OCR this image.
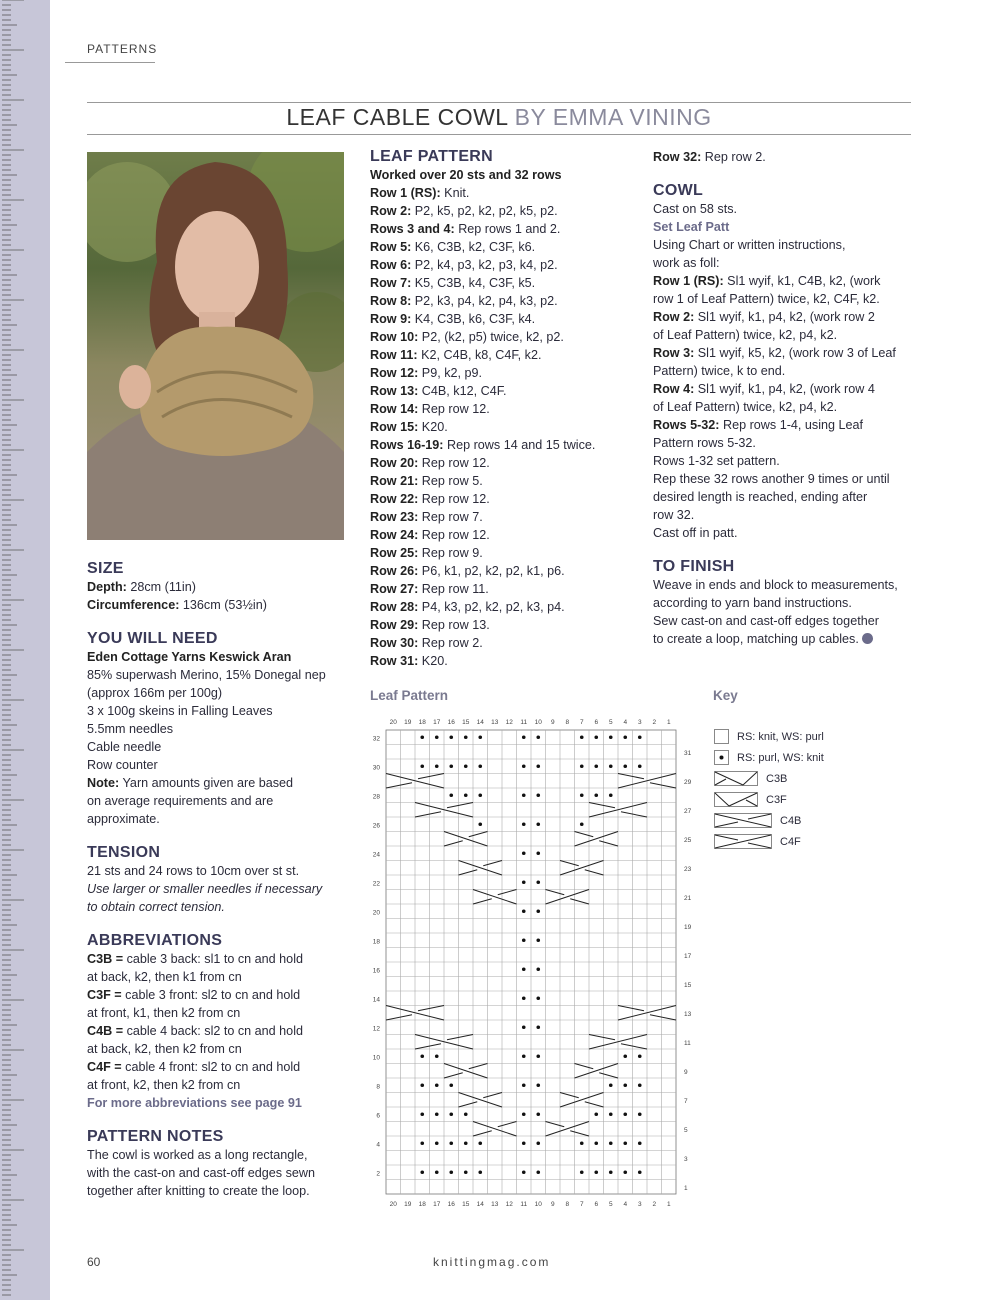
PATTERNS
LEAF CABLE COWL BY EMMA VINING

SIZE

Depth: 28cm (11in)

Circumference: 136cm (53½in)

YOU WILL NEED

Eden Cottage Yarns Keswick Aran

85% superwash Merino, 15% Donegal nep

(approx 166m per 100g)

3 x 100g skeins in Falling Leaves

5.5mm needles

Cable needle

Row counter

Note: Yarn amounts given are based

on average requirements and are

approximate.

TENSION

21 sts and 24 rows to 10cm over st st.

Use larger or smaller needles if necessary

to obtain correct tension.

ABBREVIATIONS

C3B = cable 3 back: sl1 to cn and hold

at back, k2, then k1 from cn

C3F = cable 3 front: sl2 to cn and hold

at front, k1, then k2 from cn

C4B = cable 4 back: sl2 to cn and hold

at back, k2, then k2 from cn

C4F = cable 4 front: sl2 to cn and hold

at front, k2, then k2 from cn

For more abbreviations see page 91

PATTERN NOTES

The cowl is worked as a long rectangle,

with the cast-on and cast-off edges sewn

together after knitting to create the loop.

LEAF PATTERN

Worked over 20 sts and 32 rows

Row 1 (RS): Knit.

Row 2: P2, k5, p2, k2, p2, k5, p2.

Rows 3 and 4: Rep rows 1 and 2.

Row 5: K6, C3B, k2, C3F, k6.

Row 6: P2, k4, p3, k2, p3, k4, p2.

Row 7: K5, C3B, k4, C3F, k5.

Row 8: P2, k3, p4, k2, p4, k3, p2.

Row 9: K4, C3B, k6, C3F, k4.

Row 10: P2, (k2, p5) twice, k2, p2.

Row 11: K2, C4B, k8, C4F, k2.

Row 12: P9, k2, p9.

Row 13: C4B, k12, C4F.

Row 14: Rep row 12.

Row 15: K20.

Rows 16-19: Rep rows 14 and 15 twice.

Row 20: Rep row 12.

Row 21: Rep row 5.

Row 22: Rep row 12.

Row 23: Rep row 7.

Row 24: Rep row 12.

Row 25: Rep row 9.

Row 26: P6, k1, p2, k2, p2, k1, p6.

Row 27: Rep row 11.

Row 28: P4, k3, p2, k2, p2, k3, p4.

Row 29: Rep row 13.

Row 30: Rep row 2.

Row 31: K20.

Row 32: Rep row 2.

COWL

Cast on 58 sts.

Set Leaf Patt

Using Chart or written instructions,

work as foll:

Row 1 (RS): Sl1 wyif, k1, C4B, k2, (work

row 1 of Leaf Pattern) twice, k2, C4F, k2.

Row 2: Sl1 wyif, k1, p4, k2, (work row 2

of Leaf Pattern) twice, k2, p4, k2.

Row 3: Sl1 wyif, k5, k2, (work row 3 of Leaf

Pattern) twice, k to end.

Row 4: Sl1 wyif, k1, p4, k2, (work row 4

of Leaf Pattern) twice, k2, p4, k2.

Rows 5-32: Rep rows 1-4, using Leaf

Pattern rows 5-32.

Rows 1-32 set pattern.

Rep these 32 rows another 9 times or until

desired length is reached, ending after

row 32.

Cast off in patt.

TO FINISH

Weave in ends and block to measurements,

according to yarn band instructions.

Sew cast-on and cast-off edges together

to create a loop, matching up cables.

Leaf Pattern
20
20
19
19
18
18
17
17
16
16
15
15
14
14
13
13
12
12
11
11
10
10
9
9
8
8
7
7
6
6
5
5
4
4
3
3
2
2
1
1
32
30
28
26
24
22
20
18
16
14
12
10
8
6
4
2
31
29
27
25
23
21
19
17
15
13
11
9
7
5
3
1
Key
RS: knit, WS: purl
RS: purl, WS: knit
C3B
C3F
C4B
C4F
60	knittingmag.com
